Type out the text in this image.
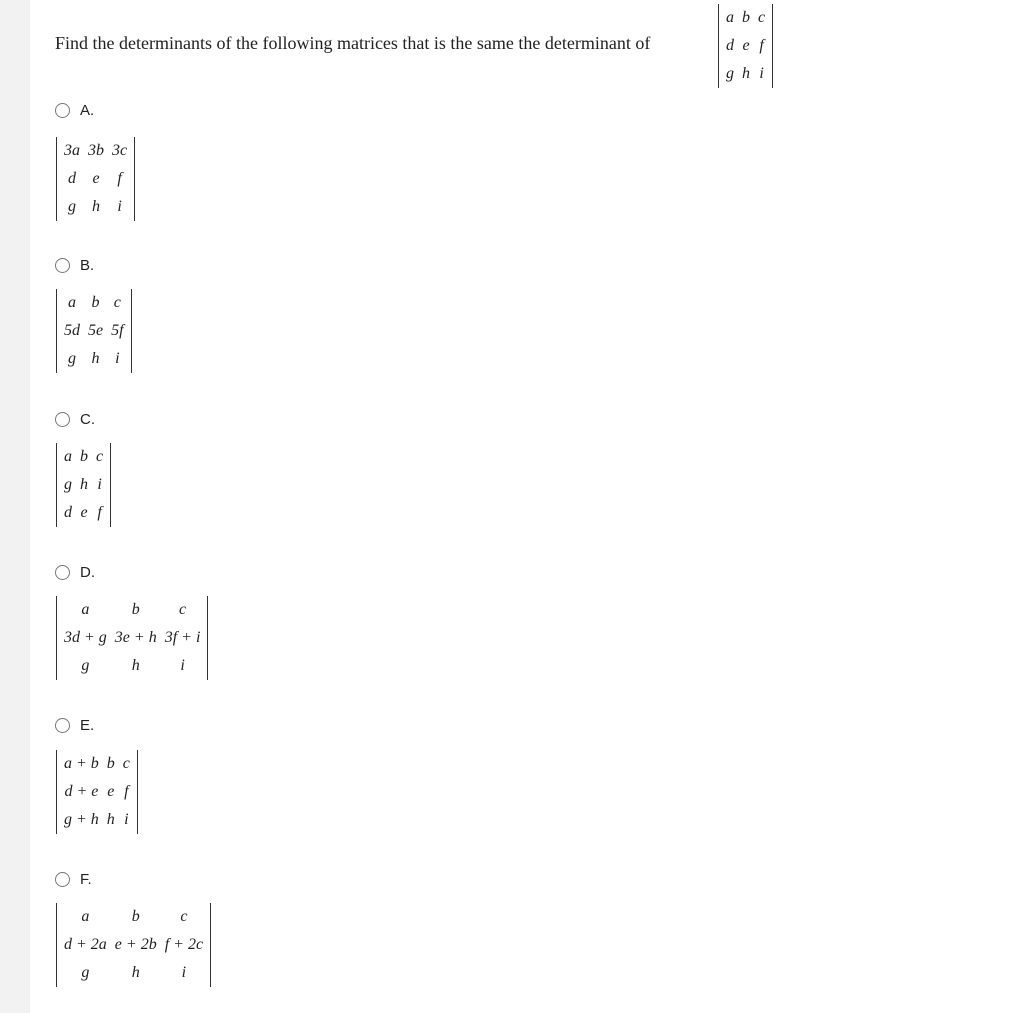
Find the determinants of the following matrices that is the same the determinant of
a	b	c
d	e	f
g	h	i
A.
3a	3b	3c
d	e	f
g	h	i
B.
a	b	c
5d	5e	5f
g	h	i
C.
a	b	c
g	h	i
d	e	f
D.
a	b	c
3d + g	3e + h	3f + i
g	h	i
E.
a + b	b	c
d + e	e	f
g + h	h	i
F.
a	b	c
d + 2a	e + 2b	f + 2c
g	h	i
